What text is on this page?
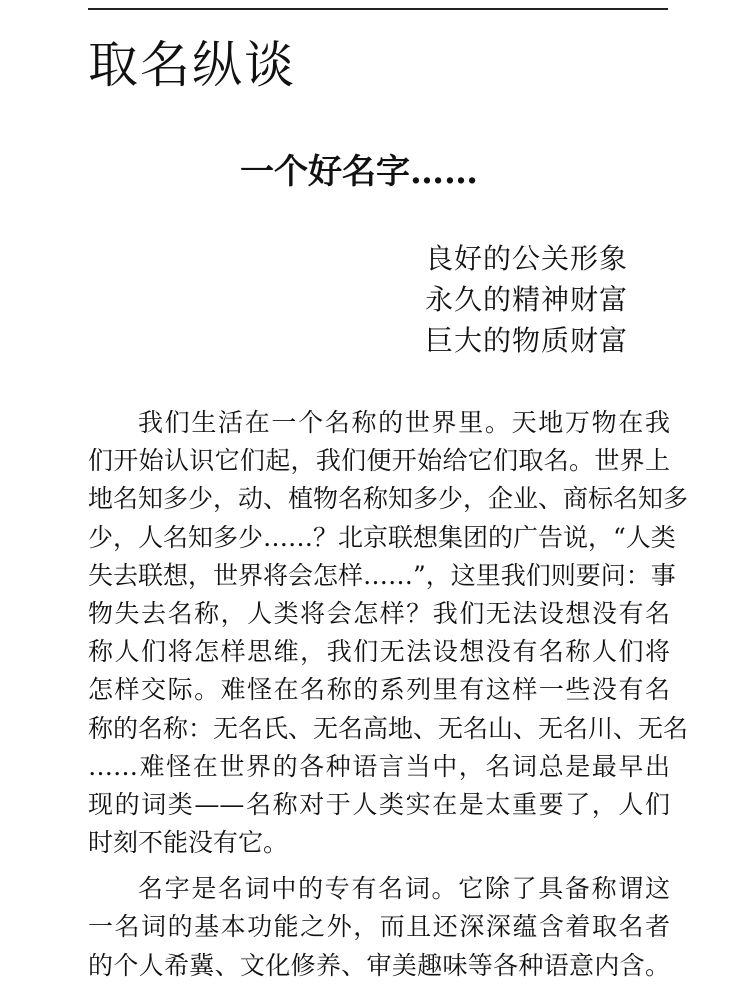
取名纵谈
一个好名字……
良好的公关形象
永久的精神财富
巨大的物质财富
我们生活在一个名称的世界里。天地万物在我
们开始认识它们起，我们便开始给它们取名。世界上
地名知多少，动、植物名称知多少，企业、商标名知多
少，人名知多少……？北京联想集团的广告说，“人类
失去联想，世界将会怎样……”，这里我们则要问：事
物失去名称，人类将会怎样？我们无法设想没有名
称人们将怎样思维，我们无法设想没有名称人们将
怎样交际。难怪在名称的系列里有这样一些没有名
称的名称：无名氏、无名高地、无名山、无名川、无名
……难怪在世界的各种语言当中，名词总是最早出
现的词类——名称对于人类实在是太重要了，人们
时刻不能没有它。
名字是名词中的专有名词。它除了具备称谓这
一名词的基本功能之外，而且还深深蕴含着取名者
的个人希冀、文化修养、审美趣味等各种语意内含。
